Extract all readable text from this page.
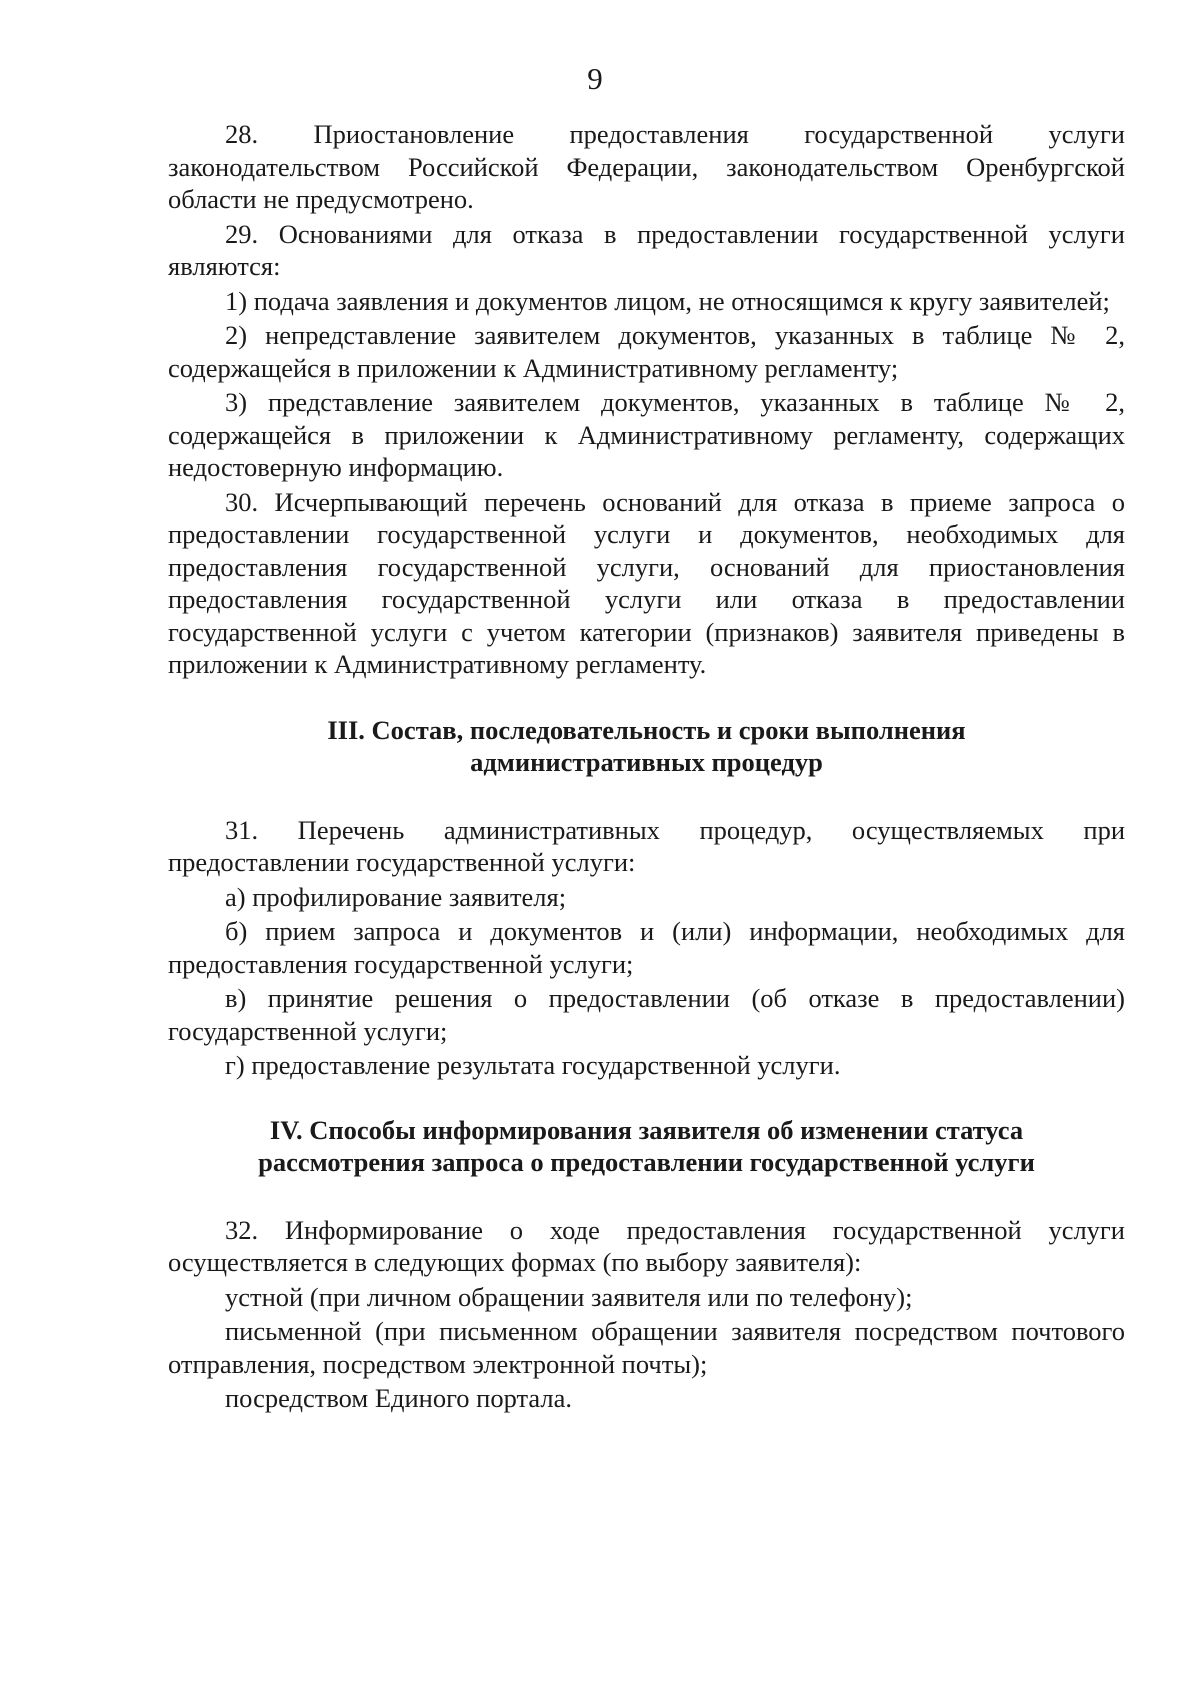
9

28. Приостановление предоставления государственной услуги законодательством Российской Федерации, законодательством Оренбургской области не предусмотрено.

29. Основаниями для отказа в предоставлении государственной услуги являются:

1) подача заявления и документов лицом, не относящимся к кругу заявителей;

2) непредставление заявителем документов, указанных в таблице № 2, содержащейся в приложении к Административному регламенту;

3) представление заявителем документов, указанных в таблице № 2, содержащейся в приложении к Административному регламенту, содержащих недостоверную информацию.

30. Исчерпывающий перечень оснований для отказа в приеме запроса о предоставлении государственной услуги и документов, необходимых для предоставления государственной услуги, оснований для приостановления предоставления государственной услуги или отказа в предоставлении государственной услуги с учетом категории (признаков) заявителя приведены в приложении к Административному регламенту.

III. Состав, последовательность и сроки выполнения
административных процедур

31. Перечень административных процедур, осуществляемых при предоставлении государственной услуги:

а) профилирование заявителя;

б) прием запроса и документов и (или) информации, необходимых для предоставления государственной услуги;

в) принятие решения о предоставлении (об отказе в предоставлении) государственной услуги;

г) предоставление результата государственной услуги.

IV. Способы информирования заявителя об изменении статуса
рассмотрения запроса о предоставлении государственной услуги

32. Информирование о ходе предоставления государственной услуги осуществляется в следующих формах (по выбору заявителя):

устной (при личном обращении заявителя или по телефону);

письменной (при письменном обращении заявителя посредством почтового отправления, посредством электронной почты);

посредством Единого портала.
